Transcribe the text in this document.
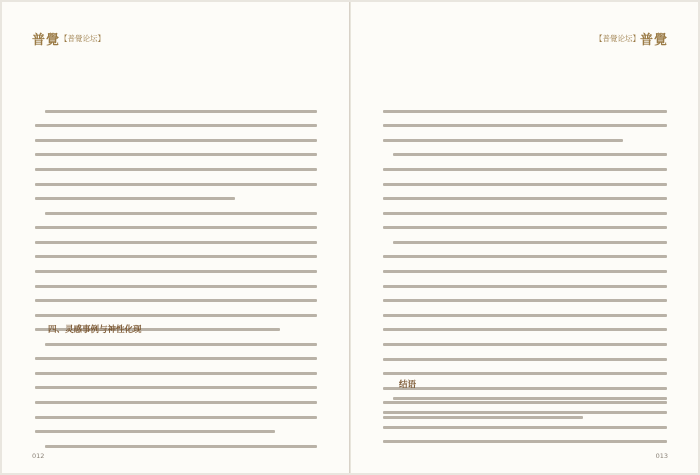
普覺 【普覺论坛】
四、灵感事例与神性化现
012
【普覺论坛】 普覺
结语
013
